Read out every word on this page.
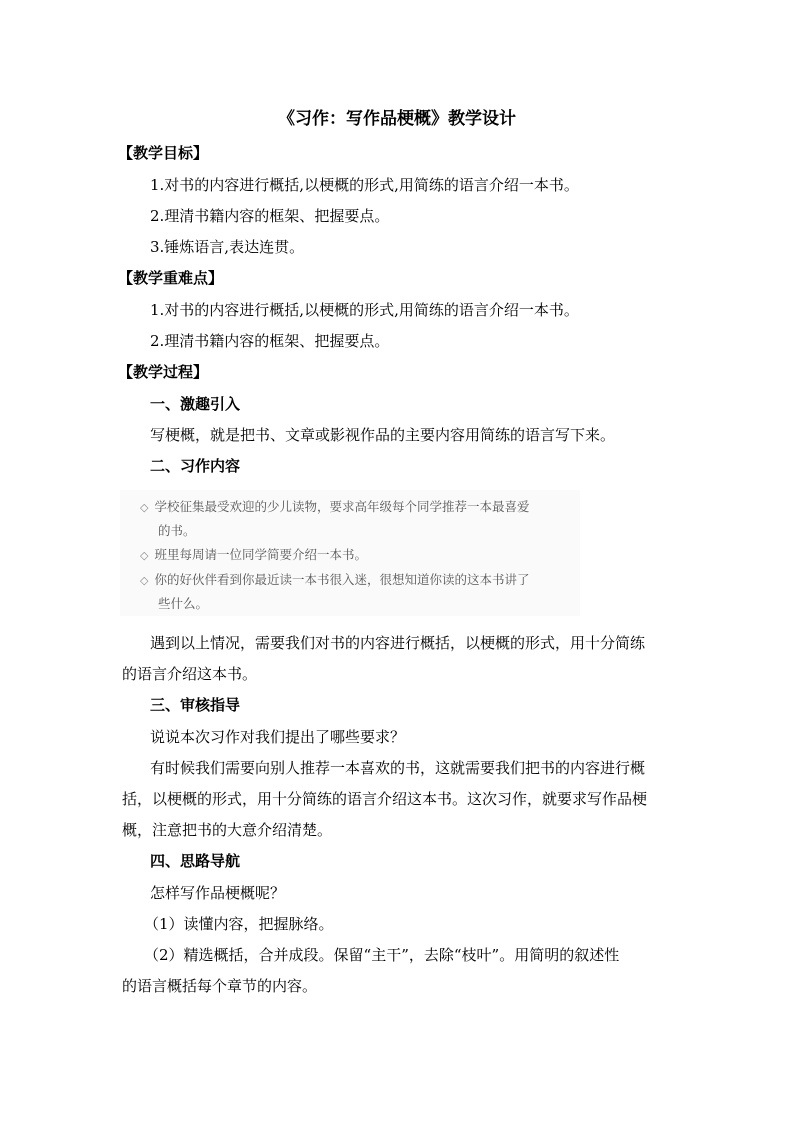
《习作：写作品梗概》教学设计
【教学目标】
1.对书的内容进行概括,以梗概的形式,用简练的语言介绍一本书。
2.理清书籍内容的框架、把握要点。
3.锤炼语言,表达连贯。
【教学重难点】
1.对书的内容进行概括,以梗概的形式,用简练的语言介绍一本书。
2.理清书籍内容的框架、把握要点。
【教学过程】
一、激趣引入
写梗概，就是把书、文章或影视作品的主要内容用简练的语言写下来。
二、习作内容
◇ 学校征集最受欢迎的少儿读物，要求高年级每个同学推荐一本最喜爱
的书。
◇ 班里每周请一位同学简要介绍一本书。
◇ 你的好伙伴看到你最近读一本书很入迷，很想知道你读的这本书讲了
些什么。
遇到以上情况，需要我们对书的内容进行概括，以梗概的形式，用十分简练
的语言介绍这本书。
三、审核指导
说说本次习作对我们提出了哪些要求？
有时候我们需要向别人推荐一本喜欢的书，这就需要我们把书的内容进行概
括，以梗概的形式，用十分简练的语言介绍这本书。这次习作，就要求写作品梗
概，注意把书的大意介绍清楚。
四、思路导航
怎样写作品梗概呢？
（1）读懂内容，把握脉络。
（2）精选概括，合并成段。保留“主干”，去除“枝叶”。用简明的叙述性
的语言概括每个章节的内容。
